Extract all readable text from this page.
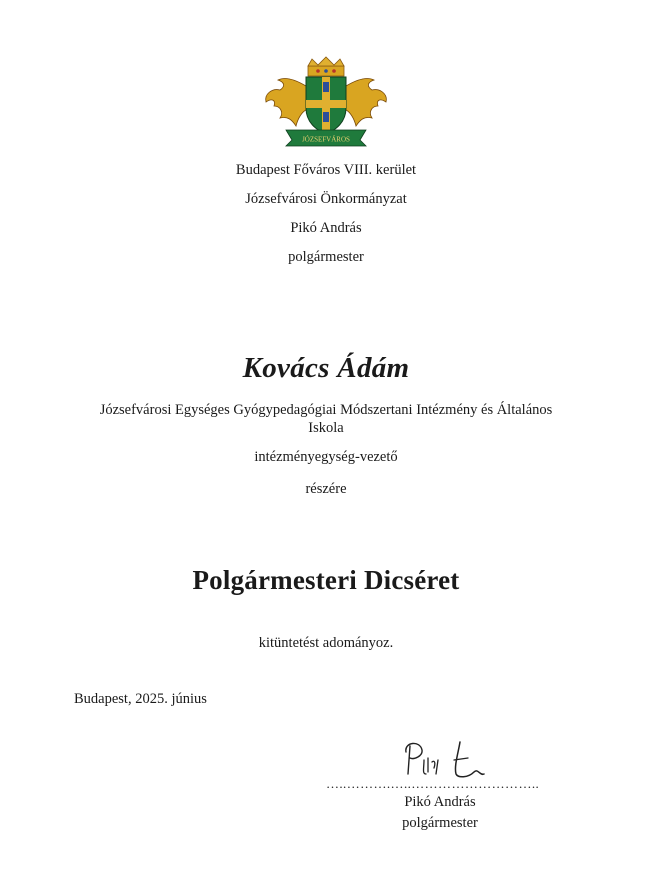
JÓZSEFVÁROS
Budapest Főváros VIII. kerület
Józsefvárosi Önkormányzat
Pikó András
polgármester
Kovács Ádám
Józsefvárosi Egységes Gyógypedagógiai Módszertani Intézmény és Általános
Iskola
intézményegység-vezető
részére
Polgármesteri Dicséret
kitüntetést adományoz.
Budapest, 2025. június
…..……….…..………………………..
Pikó András
polgármester
